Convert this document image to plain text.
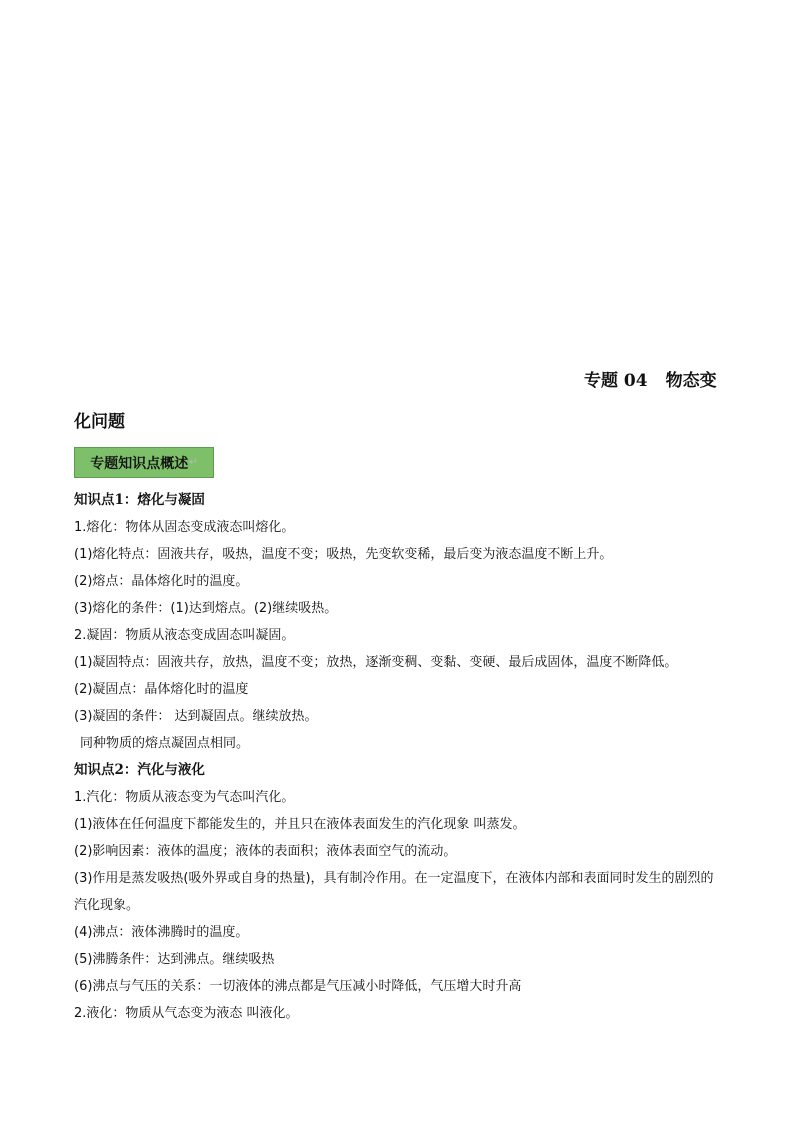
专题 04 物态变
化问题
专题知识点概述 ↵
知识点1：熔化与凝固
1.熔化：物体从固态变成液态叫熔化。
(1)熔化特点：固液共存，吸热，温度不变；吸热，先变软变稀，最后变为液态温度不断上升。
(2)熔点：晶体熔化时的温度。
(3)熔化的条件：(1)达到熔点。(2)继续吸热。
2.凝固：物质从液态变成固态叫凝固。
(1)凝固特点：固液共存，放热，温度不变；放热，逐渐变稠、变黏、变硬、最后成固体，温度不断降低。
(2)凝固点：晶体熔化时的温度
(3)凝固的条件： 达到凝固点。继续放热。
同种物质的熔点凝固点相同。
知识点2：汽化与液化
1.汽化：物质从液态变为气态叫汽化。
(1)液体在任何温度下都能发生的，并且只在液体表面发生的汽化现象 叫蒸发。
(2)影响因素：液体的温度；液体的表面积；液体表面空气的流动。
(3)作用是蒸发吸热(吸外界或自身的热量)，具有制冷作用。在一定温度下，在液体内部和表面同时发生的剧烈的汽化现象。
(4)沸点：液体沸腾时的温度。
(5)沸腾条件：达到沸点。继续吸热
(6)沸点与气压的关系：一切液体的沸点都是气压减小时降低，气压增大时升高
2.液化：物质从气态变为液态 叫液化。
